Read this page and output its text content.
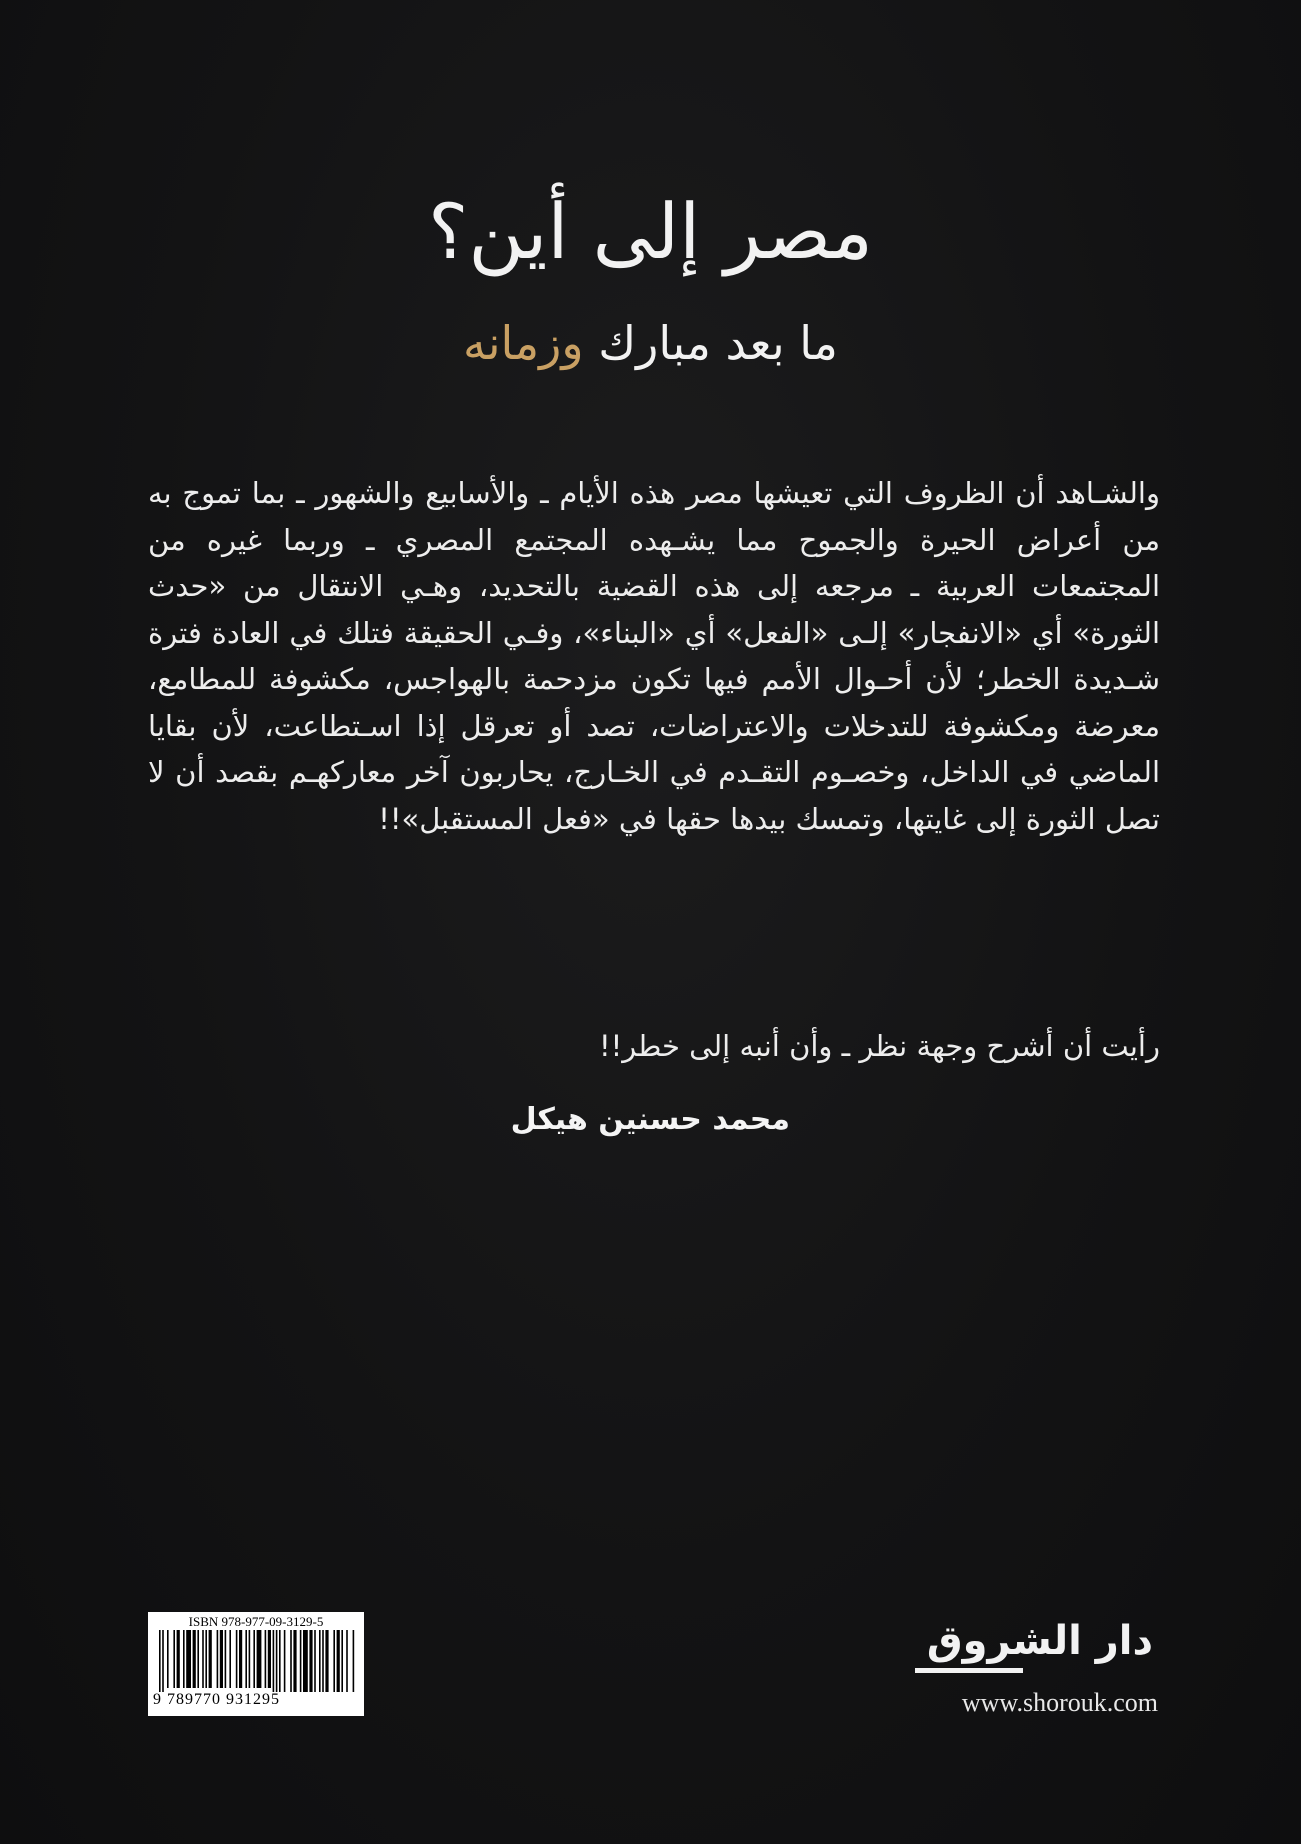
مصر إلى أين؟
ما بعد مبارك وزمانه

والشـاهد أن الظروف التي تعيشها مصر هذه الأيام ـ والأسابيع والشهور ـ بما تموج به من أعراض الحيرة والجموح مما يشـهده المجتمع المصري ـ وربما غيره من المجتمعات العربية ـ مرجعه إلى هذه القضية بالتحديد، وهـي الانتقال من «حدث الثورة» أي «الانفجار» إلـى «الفعل» أي «البناء»، وفـي الحقيقة فتلك في العادة فترة شـديدة الخطر؛ لأن أحـوال الأمم فيها تكون مزدحمة بالهواجس، مكشوفة للمطامع، معرضة ومكشوفة للتدخلات والاعتراضات، تصد أو تعرقل إذا اسـتطاعت، لأن بقايا الماضي في الداخل، وخصـوم التقـدم في الخـارج، يحاربون آخر معاركهـم بقصد أن لا تصل الثورة إلى غايتها، وتمسك بيدها حقها في «فعل المستقبل»!!

رأيت أن أشرح وجهة نظر ـ وأن أنبه إلى خطر!!

محمد حسنين هيكل
ISBN 978-977-09-3129-5
9 789770 931295
دار الشروق
www.shorouk.com
